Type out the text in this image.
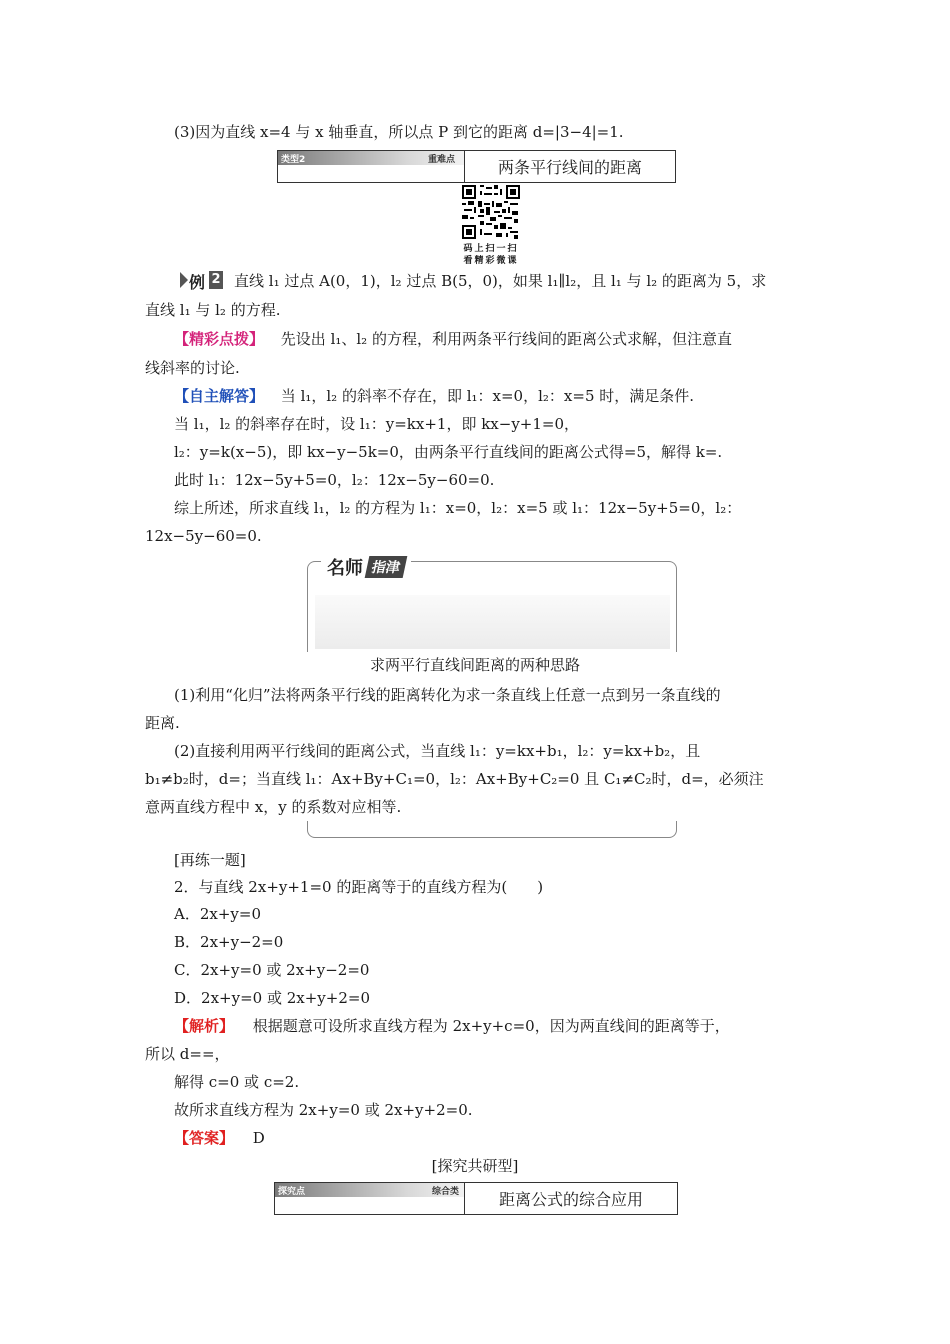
(3)因为直线 x=4 与 x 轴垂直，所以点 P 到它的距离 d=|3−4|=1.
类型2	重难点	两条平行线间的距离
码上扫一扫
看精彩微课
例 2 直线 l₁ 过点 A(0，1)，l₂ 过点 B(5，0)，如果 l₁∥l₂，且 l₁ 与 l₂ 的距离为 5，求
直线 l₁ 与 l₂ 的方程.
【精彩点拨】 先设出 l₁、l₂ 的方程，利用两条平行线间的距离公式求解，但注意直
线斜率的讨论.
【自主解答】 当 l₁，l₂ 的斜率不存在，即 l₁：x=0，l₂：x=5 时，满足条件.
当 l₁，l₂ 的斜率存在时，设 l₁：y=kx+1，即 kx−y+1=0，
l₂：y=k(x−5)，即 kx−y−5k=0，由两条平行直线间的距离公式得=5，解得 k=.
此时 l₁：12x−5y+5=0，l₂：12x−5y−60=0.
综上所述，所求直线 l₁，l₂ 的方程为 l₁：x=0，l₂：x=5 或 l₁：12x−5y+5=0，l₂：
12x−5y−60=0.
名师 指津
求两平行直线间距离的两种思路
(1)利用“化归”法将两条平行线的距离转化为求一条直线上任意一点到另一条直线的
距离.
(2)直接利用两平行线间的距离公式，当直线 l₁：y=kx+b₁，l₂：y=kx+b₂，且
b₁≠b₂时，d=；当直线 l₁：Ax+By+C₁=0，l₂：Ax+By+C₂=0 且 C₁≠C₂时，d=，必须注
意两直线方程中 x，y 的系数对应相等.
[再练一题]
2．与直线 2x+y+1=0 的距离等于的直线方程为(　　)
A．2x+y=0
B．2x+y−2=0
C．2x+y=0 或 2x+y−2=0
D．2x+y=0 或 2x+y+2=0
【解析】 根据题意可设所求直线方程为 2x+y+c=0，因为两直线间的距离等于，
所以 d==，
解得 c=0 或 c=2.
故所求直线方程为 2x+y=0 或 2x+y+2=0.
【答案】 D
[探究共研型]
探究点	综合类	距离公式的综合应用
